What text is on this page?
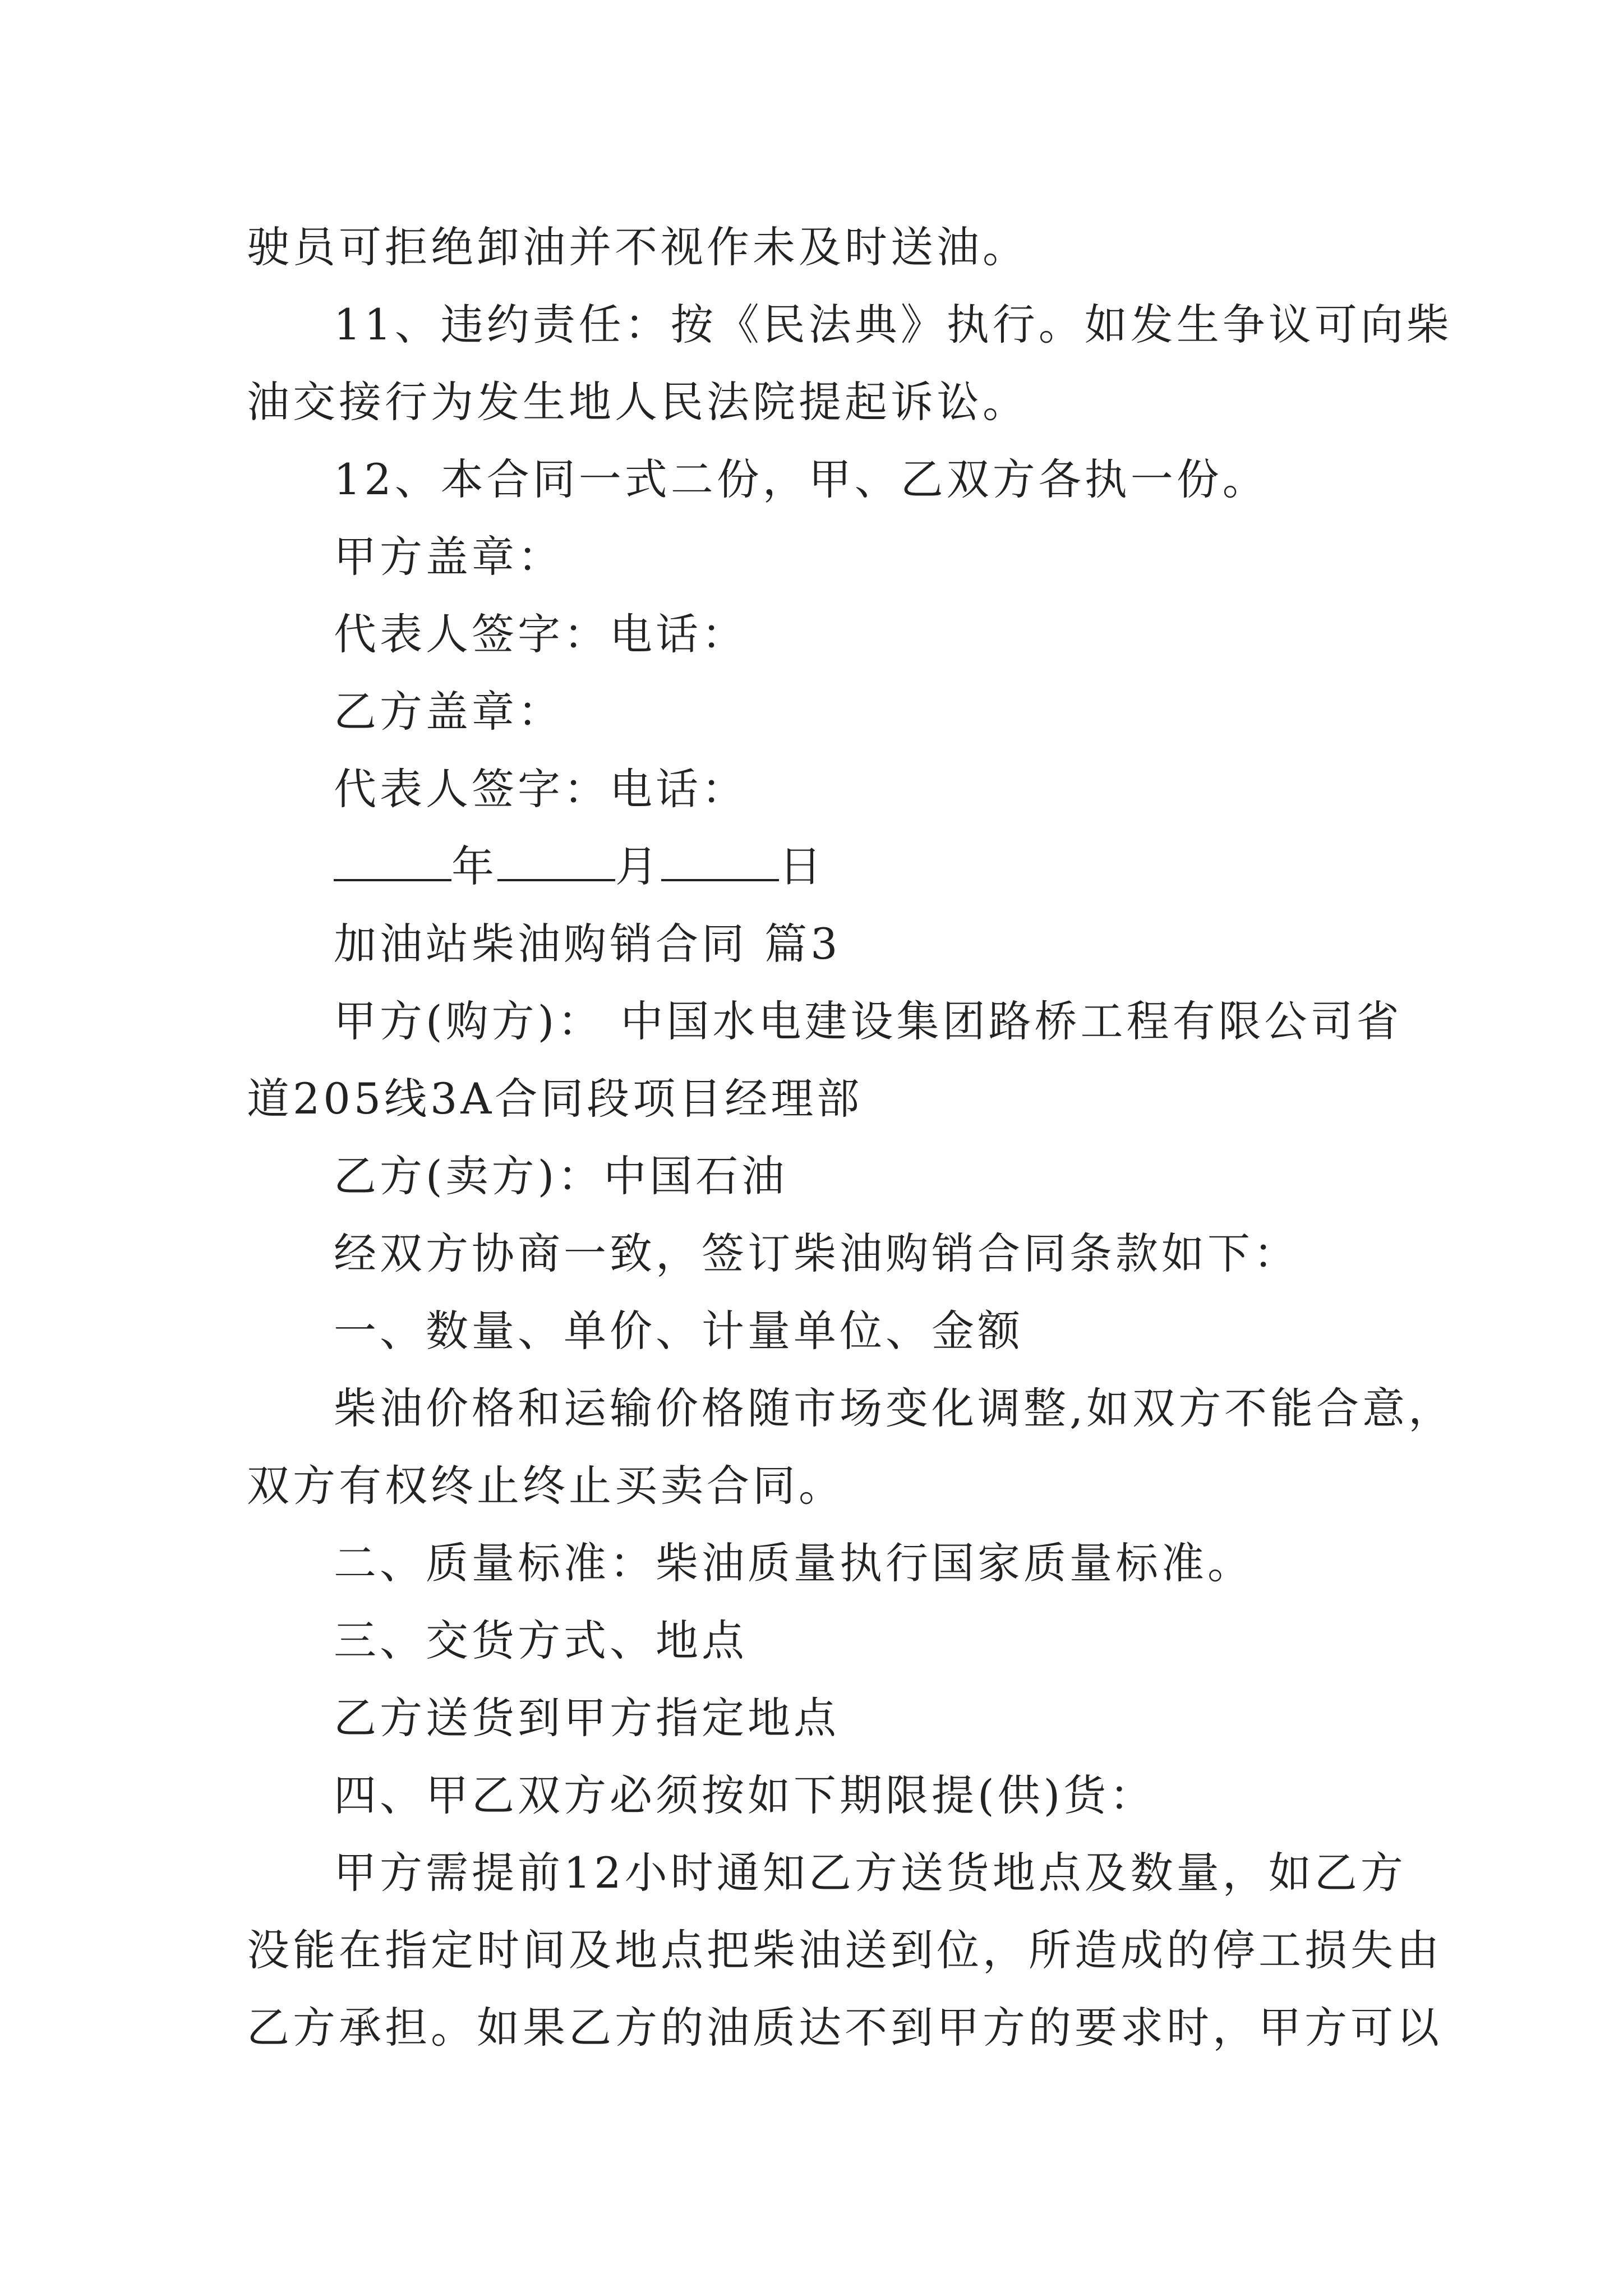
驶员可拒绝卸油并不视作未及时送油。
11、违约责任：按《民法典》执行。如发生争议可向柴
油交接行为发生地人民法院提起诉讼。
12、本合同一式二份，甲、乙双方各执一份。
甲方盖章：
代表人签字：电话：
乙方盖章：
代表人签字：电话：
年	月	日
加油站柴油购销合同 篇3
甲方(购方)： 中国水电建设集团路桥工程有限公司省
道205线3A合同段项目经理部
乙方(卖方)：中国石油
经双方协商一致，签订柴油购销合同条款如下：
一、数量、单价、计量单位、金额
柴油价格和运输价格随市场变化调整,如双方不能合意，
双方有权终止终止买卖合同。
二、质量标准：柴油质量执行国家质量标准。
三、交货方式、地点
乙方送货到甲方指定地点
四、甲乙双方必须按如下期限提(供)货：
甲方需提前12小时通知乙方送货地点及数量，如乙方
没能在指定时间及地点把柴油送到位，所造成的停工损失由
乙方承担。如果乙方的油质达不到甲方的要求时，甲方可以
